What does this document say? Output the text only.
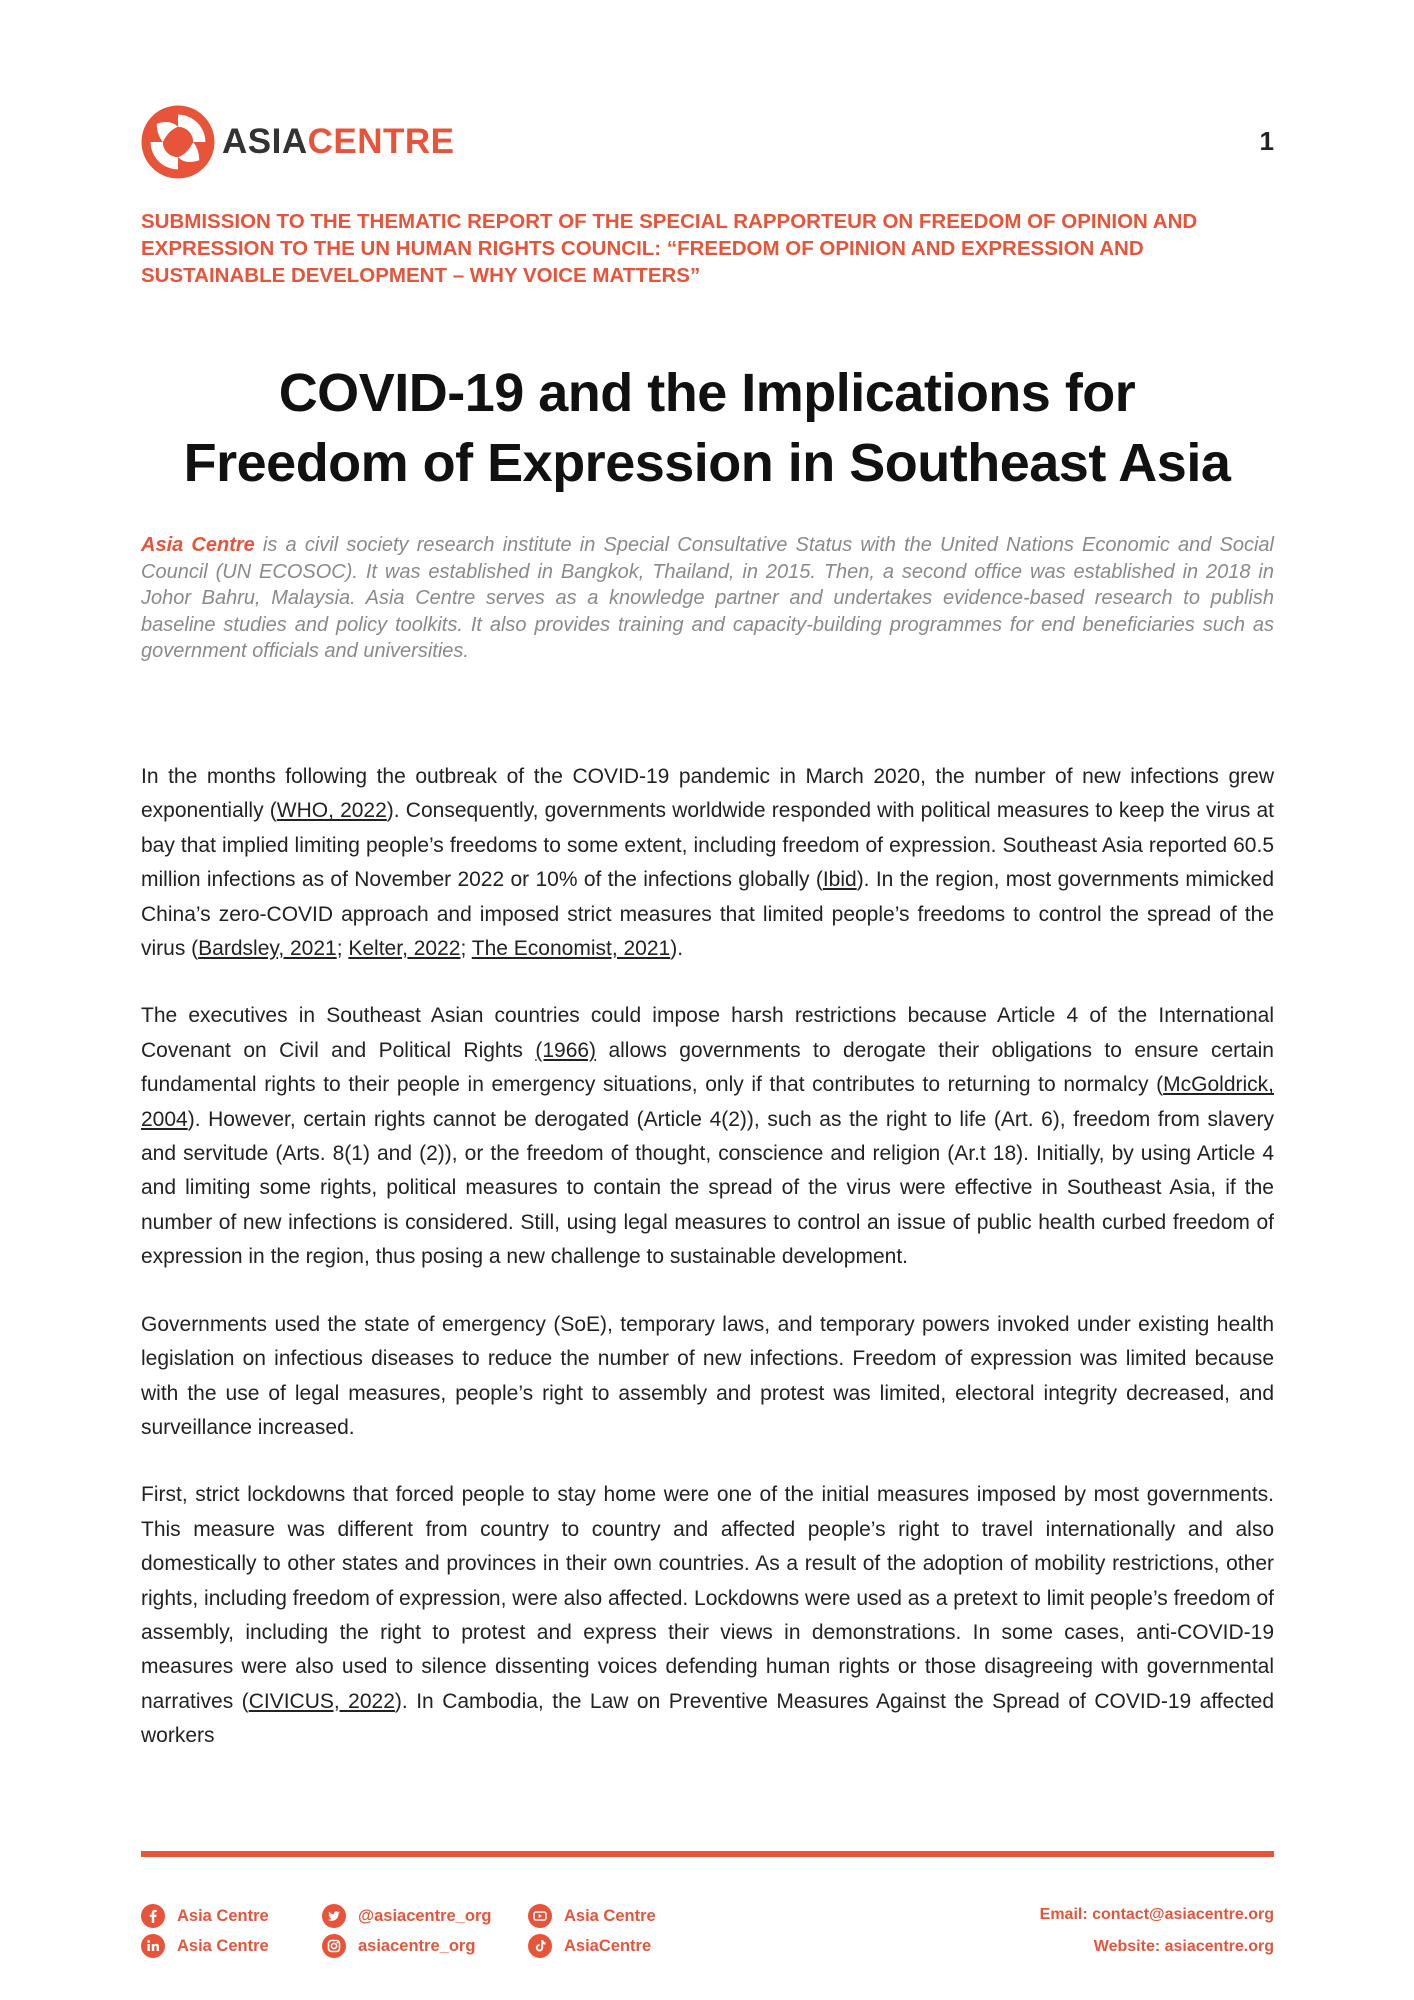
ASIACENTRE	1
SUBMISSION TO THE THEMATIC REPORT OF THE SPECIAL RAPPORTEUR ON FREEDOM OF OPINION AND EXPRESSION TO THE UN HUMAN RIGHTS COUNCIL: “FREEDOM OF OPINION AND EXPRESSION AND SUSTAINABLE DEVELOPMENT – WHY VOICE MATTERS”
COVID-19 and the Implications for
Freedom of Expression in Southeast Asia
Asia Centre is a civil society research institute in Special Consultative Status with the United Nations Economic and Social Council (UN ECOSOC). It was established in Bangkok, Thailand, in 2015. Then, a second office was established in 2018 in Johor Bahru, Malaysia. Asia Centre serves as a knowledge partner and undertakes evidence-based research to publish baseline studies and policy toolkits. It also provides training and capacity-building programmes for end beneficiaries such as government officials and universities.

In the months following the outbreak of the COVID-19 pandemic in March 2020, the number of new infections grew exponentially (WHO, 2022). Consequently, governments worldwide responded with political measures to keep the virus at bay that implied limiting people’s freedoms to some extent, including freedom of expression. Southeast Asia reported 60.5 million infections as of November 2022 or 10% of the infections globally (Ibid). In the region, most governments mimicked China’s zero-COVID approach and imposed strict measures that limited people’s freedoms to control the spread of the virus (Bardsley, 2021; Kelter, 2022; The Economist, 2021).

The executives in Southeast Asian countries could impose harsh restrictions because Article 4 of the International Covenant on Civil and Political Rights (1966) allows governments to derogate their obligations to ensure certain fundamental rights to their people in emergency situations, only if that contributes to returning to normalcy (McGoldrick, 2004). However, certain rights cannot be derogated (Article 4(2)), such as the right to life (Art. 6), freedom from slavery and servitude (Arts. 8(1) and (2)), or the freedom of thought, conscience and religion (Ar.t 18). Initially, by using Article 4 and limiting some rights, political measures to contain the spread of the virus were effective in Southeast Asia, if the number of new infections is considered. Still, using legal measures to control an issue of public health curbed freedom of expression in the region, thus posing a new challenge to sustainable development.

Governments used the state of emergency (SoE), temporary laws, and temporary powers invoked under existing health legislation on infectious diseases to reduce the number of new infections. Freedom of expression was limited because with the use of legal measures, people’s right to assembly and protest was limited, electoral integrity decreased, and surveillance increased.

First, strict lockdowns that forced people to stay home were one of the initial measures imposed by most governments. This measure was different from country to country and affected people’s right to travel internationally and also domestically to other states and provinces in their own countries. As a result of the adoption of mobility restrictions, other rights, including freedom of expression, were also affected. Lockdowns were used as a pretext to limit people’s freedom of assembly, including the right to protest and express their views in demonstrations. In some cases, anti-COVID-19 measures were also used to silence dissenting voices defending human rights or those disagreeing with governmental narratives (CIVICUS, 2022). In Cambodia, the Law on Preventive Measures Against the Spread of COVID-19 affected workers

Asia Centre
Asia Centre
@asiacentre_org
asiacentre_org
Asia Centre
AsiaCentre
Email: contact@asiacentre.org
Website: asiacentre.org
